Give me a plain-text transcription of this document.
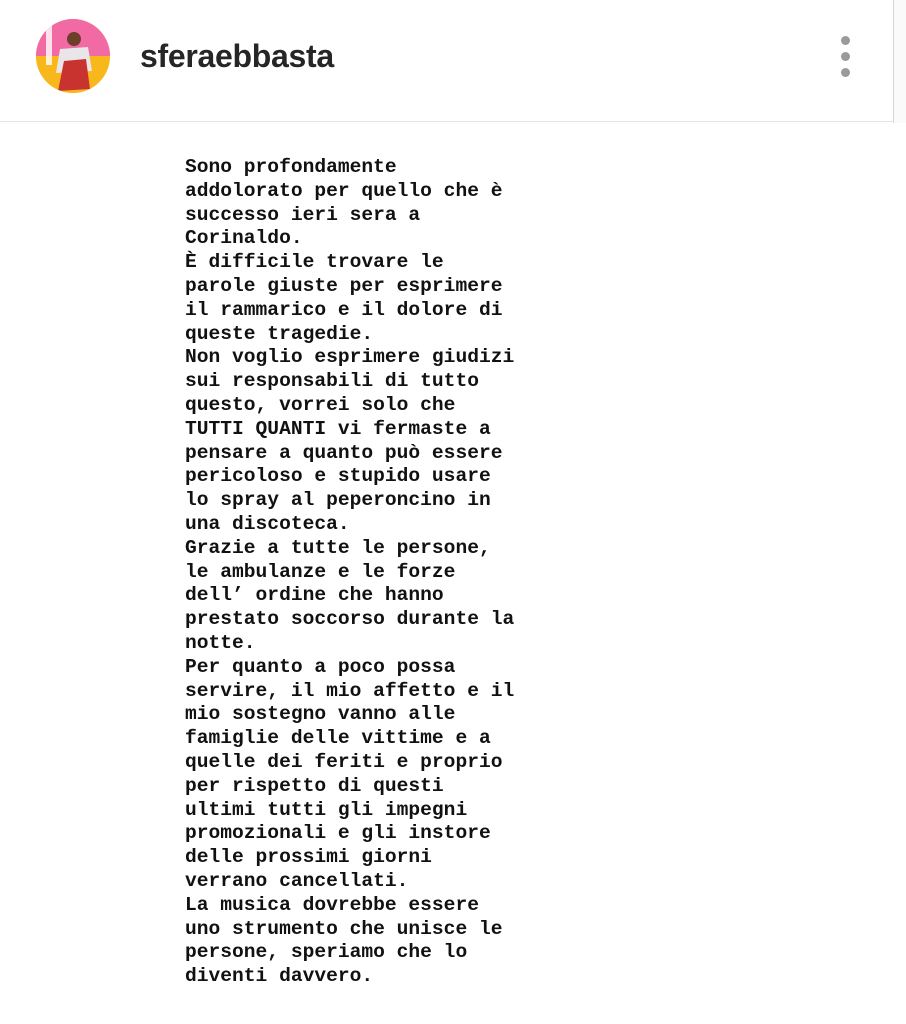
sferaebbasta
Sono profondamente
addolorato per quello che è
successo ieri sera a
Corinaldo.
È difficile trovare le
parole giuste per esprimere
il rammarico e il dolore di
queste tragedie.
Non voglio esprimere giudizi
sui responsabili di tutto
questo, vorrei solo che
TUTTI QUANTI vi fermaste a
pensare a quanto può essere
pericoloso e stupido usare
lo spray al peperoncino in
una discoteca.
Grazie a tutte le persone,
le ambulanze e le forze
dell’ ordine che hanno
prestato soccorso durante la
notte.
Per quanto a poco possa
servire, il mio affetto e il
mio sostegno vanno alle
famiglie delle vittime e a
quelle dei feriti e proprio
per rispetto di questi
ultimi tutti gli impegni
promozionali e gli instore
delle prossimi giorni
verrano cancellati.
La musica dovrebbe essere
uno strumento che unisce le
persone, speriamo che lo
diventi davvero.
